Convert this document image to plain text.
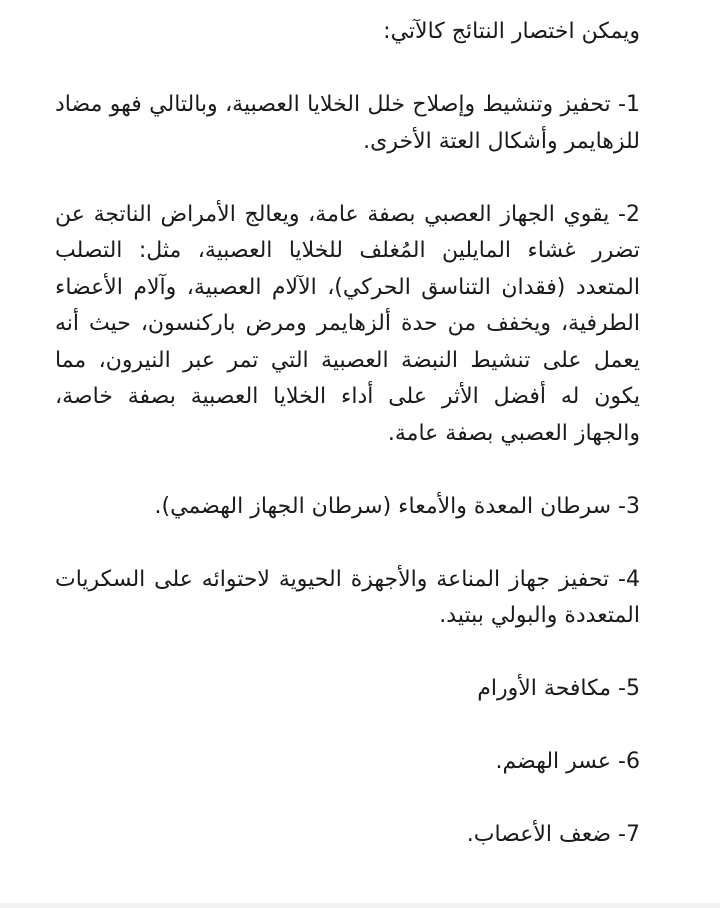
ويمكن اختصار النتائج كالآتي:

1- تحفيز وتنشيط وإصلاح خلل الخلايا العصبية، وبالتالي فهو مضاد للزهايمر وأشكال العتة الأخرى.

2- يقوي الجهاز العصبي بصفة عامة، ويعالج الأمراض الناتجة عن تضرر غشاء المايلين المُغلف للخلايا العصبية، مثل: التصلب المتعدد (فقدان التناسق الحركي)، الآلام العصبية، وآلام الأعضاء الطرفية، ويخفف من حدة ألزهايمر ومرض باركنسون، حيث أنه يعمل على تنشيط النبضة العصبية التي تمر عبر النيرون، مما يكون له أفضل الأثر على أداء الخلايا العصبية بصفة خاصة، والجهاز العصبي بصفة عامة.

3- سرطان المعدة والأمعاء (سرطان الجهاز الهضمي).

4- تحفيز جهاز المناعة والأجهزة الحيوية لاحتوائه على السكريات المتعددة والبولي ببتيد.

5- مكافحة الأورام

6- عسر الهضم.

7- ضعف الأعصاب.
